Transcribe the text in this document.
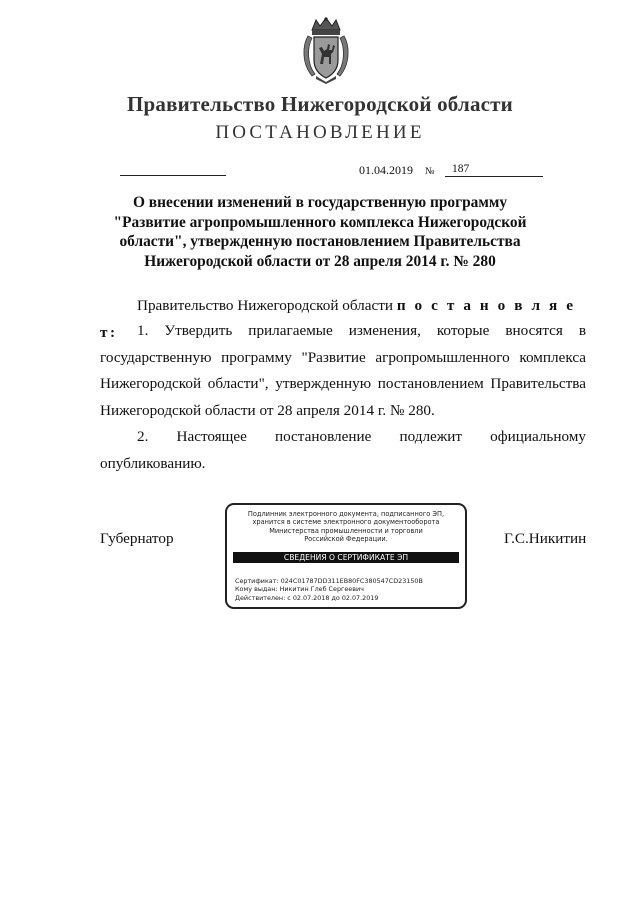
Правительство Нижегородской области
ПОСТАНОВЛЕНИЕ
01.04.2019 №	187
О внесении изменений в государственную программу "Развитие агропромышленного комплекса Нижегородской области", утвержденную постановлением Правительства Нижегородской области от 28 апреля 2014 г. № 280
Правительство Нижегородской области п о с т а н о в л я е т:	1. Утвердить прилагаемые изменения, которые вносятся в государственную программу "Развитие агропромышленного комплекса Нижегородской области", утвержденную постановлением Правительства Нижегородской области от 28 апреля 2014 г. № 280.
2. Настоящее постановление подлежит официальному опубликованию.
Губернатор	Г.С.Никитин
Подлинник электронного документа, подписанного ЭП,
хранится в системе электронного документооборота
Министерства промышленности и торговли
Российской Федерации.
СВЕДЕНИЯ О СЕРТИФИКАТЕ ЭП
Сертификат: 024C01787DD311EB80FC380547CD23150B
Кому выдан: Никитин Глеб Сергеевич
Действителен: с 02.07.2018 до 02.07.2019
